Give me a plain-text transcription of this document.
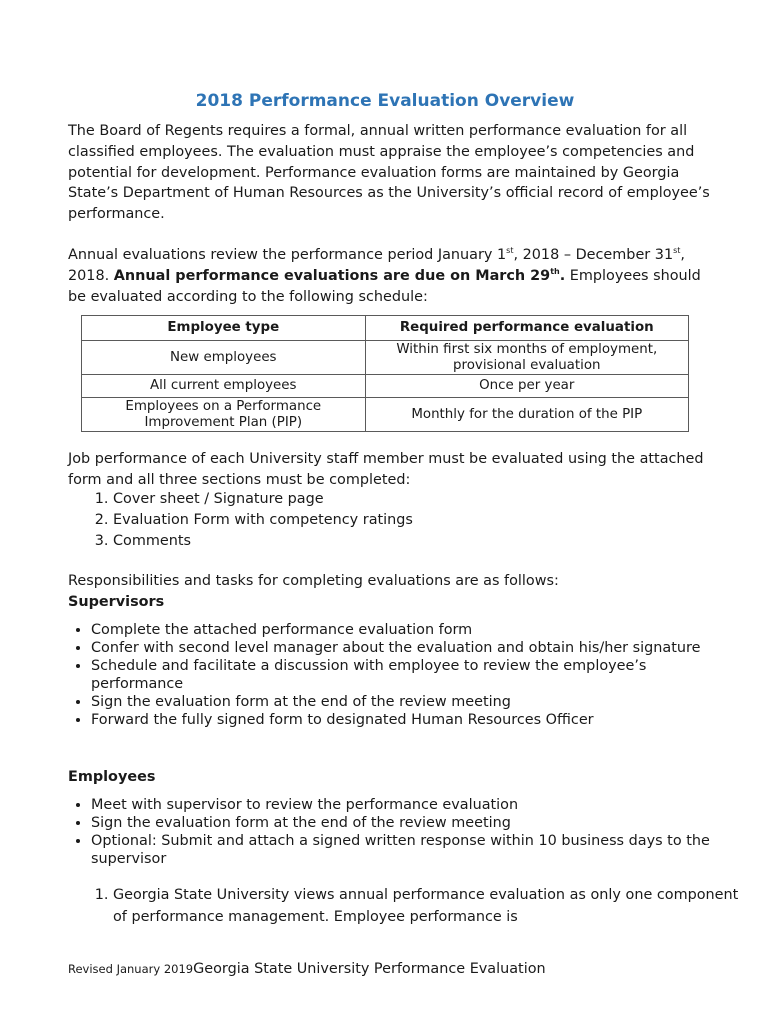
2018 Performance Evaluation Overview

The Board of Regents requires a formal, annual written performance evaluation for all classified employees. The evaluation must appraise the employee’s competencies and potential for development. Performance evaluation forms are maintained by Georgia State’s Department of Human Resources as the University’s official record of employee’s performance.

Annual evaluations review the performance period January 1st, 2018 – December 31st, 2018. Annual performance evaluations are due on March 29th. Employees should be evaluated according to the following schedule:

Employee type	Required performance evaluation
New employees	Within first six months of employment, provisional evaluation
All current employees	Once per year
Employees on a Performance Improvement Plan (PIP)	Monthly for the duration of the PIP

Job performance of each University staff member must be evaluated using the attached form and all three sections must be completed:

1. Cover sheet / Signature page
2. Evaluation Form with competency ratings
3. Comments

Responsibilities and tasks for completing evaluations are as follows:

Supervisors

• Complete the attached performance evaluation form
• Confer with second level manager about the evaluation and obtain his/her signature
• Schedule and facilitate a discussion with employee to review the employee’s performance
• Sign the evaluation form at the end of the review meeting
• Forward the fully signed form to designated Human Resources Officer

Employees

• Meet with supervisor to review the performance evaluation
• Sign the evaluation form at the end of the review meeting
• Optional: Submit and attach a signed written response within 10 business days to the supervisor
1. Georgia State University views annual performance evaluation as only one component of performance management. Employee performance is
Revised January 2019Georgia State University Performance Evaluation
